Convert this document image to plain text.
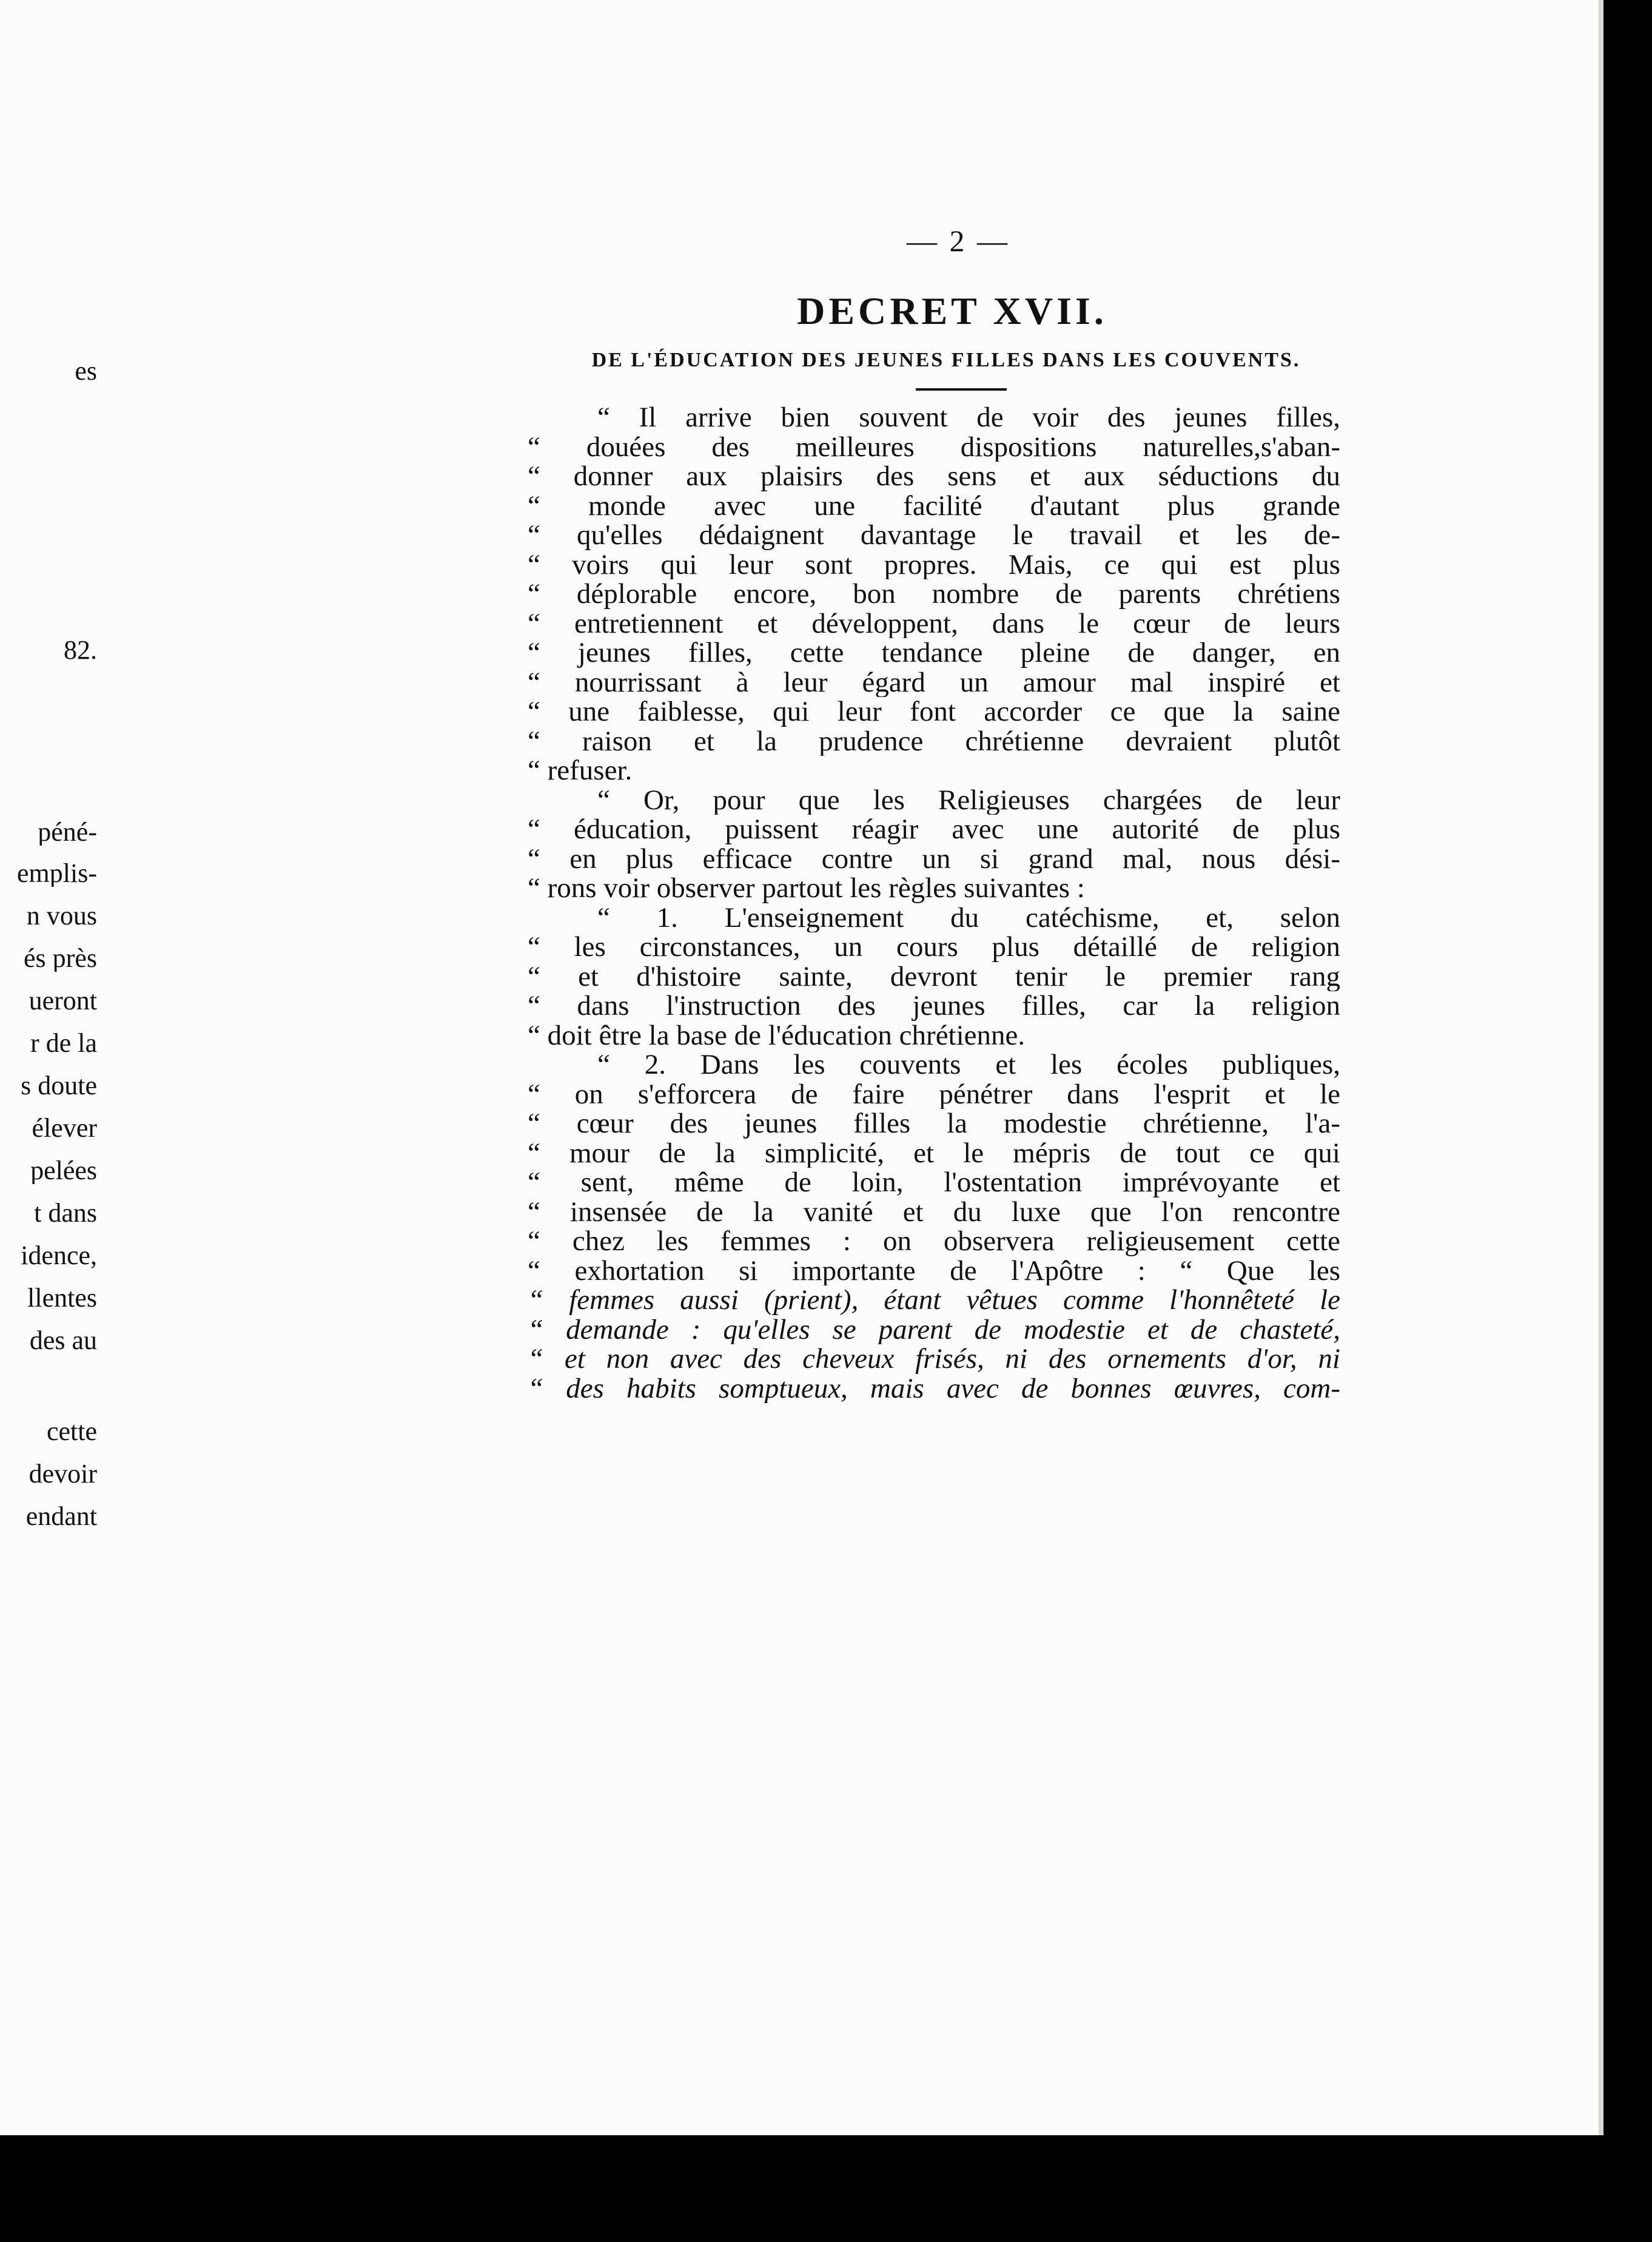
es
82.
péné-
emplis-
n vous
és près
ueront
r de la
s doute
élever
pelées
t dans
idence,
llentes
des au
cette
devoir
endant
— 2 —
DECRET XVII.
DE L'ÉDUCATION DES JEUNES FILLES DANS LES COUVENTS.
“ Il arrive bien souvent de voir des jeunes filles,
“ douées des meilleures dispositions naturelles,s'aban-
“ donner aux plaisirs des sens et aux séductions du
“ monde avec une facilité d'autant plus grande
“ qu'elles dédaignent davantage le travail et les de-
“ voirs qui leur sont propres. Mais, ce qui est plus
“ déplorable encore, bon nombre de parents chrétiens
“ entretiennent et développent, dans le cœur de leurs
“ jeunes filles, cette tendance pleine de danger, en
“ nourrissant à leur égard un amour mal inspiré et
“ une faiblesse, qui leur font accorder ce que la saine
“ raison et la prudence chrétienne devraient plutôt
“ refuser.
“ Or, pour que les Religieuses chargées de leur
“ éducation, puissent réagir avec une autorité de plus
“ en plus efficace contre un si grand mal, nous dési-
“ rons voir observer partout les règles suivantes :
“ 1. L'enseignement du catéchisme, et, selon
“ les circonstances, un cours plus détaillé de religion
“ et d'histoire sainte, devront tenir le premier rang
“ dans l'instruction des jeunes filles, car la religion
“ doit être la base de l'éducation chrétienne.
“ 2. Dans les couvents et les écoles publiques,
“ on s'efforcera de faire pénétrer dans l'esprit et le
“ cœur des jeunes filles la modestie chrétienne, l'a-
“ mour de la simplicité, et le mépris de tout ce qui
“ sent, même de loin, l'ostentation imprévoyante et
“ insensée de la vanité et du luxe que l'on rencontre
“ chez les femmes : on observera religieusement cette
“ exhortation si importante de l'Apôtre : “ Que les
“ femmes aussi (prient), étant vêtues comme l'honnêteté le
“ demande : qu'elles se parent de modestie et de chasteté,
“ et non avec des cheveux frisés, ni des ornements d'or, ni
“ des habits somptueux, mais avec de bonnes œuvres, com-
